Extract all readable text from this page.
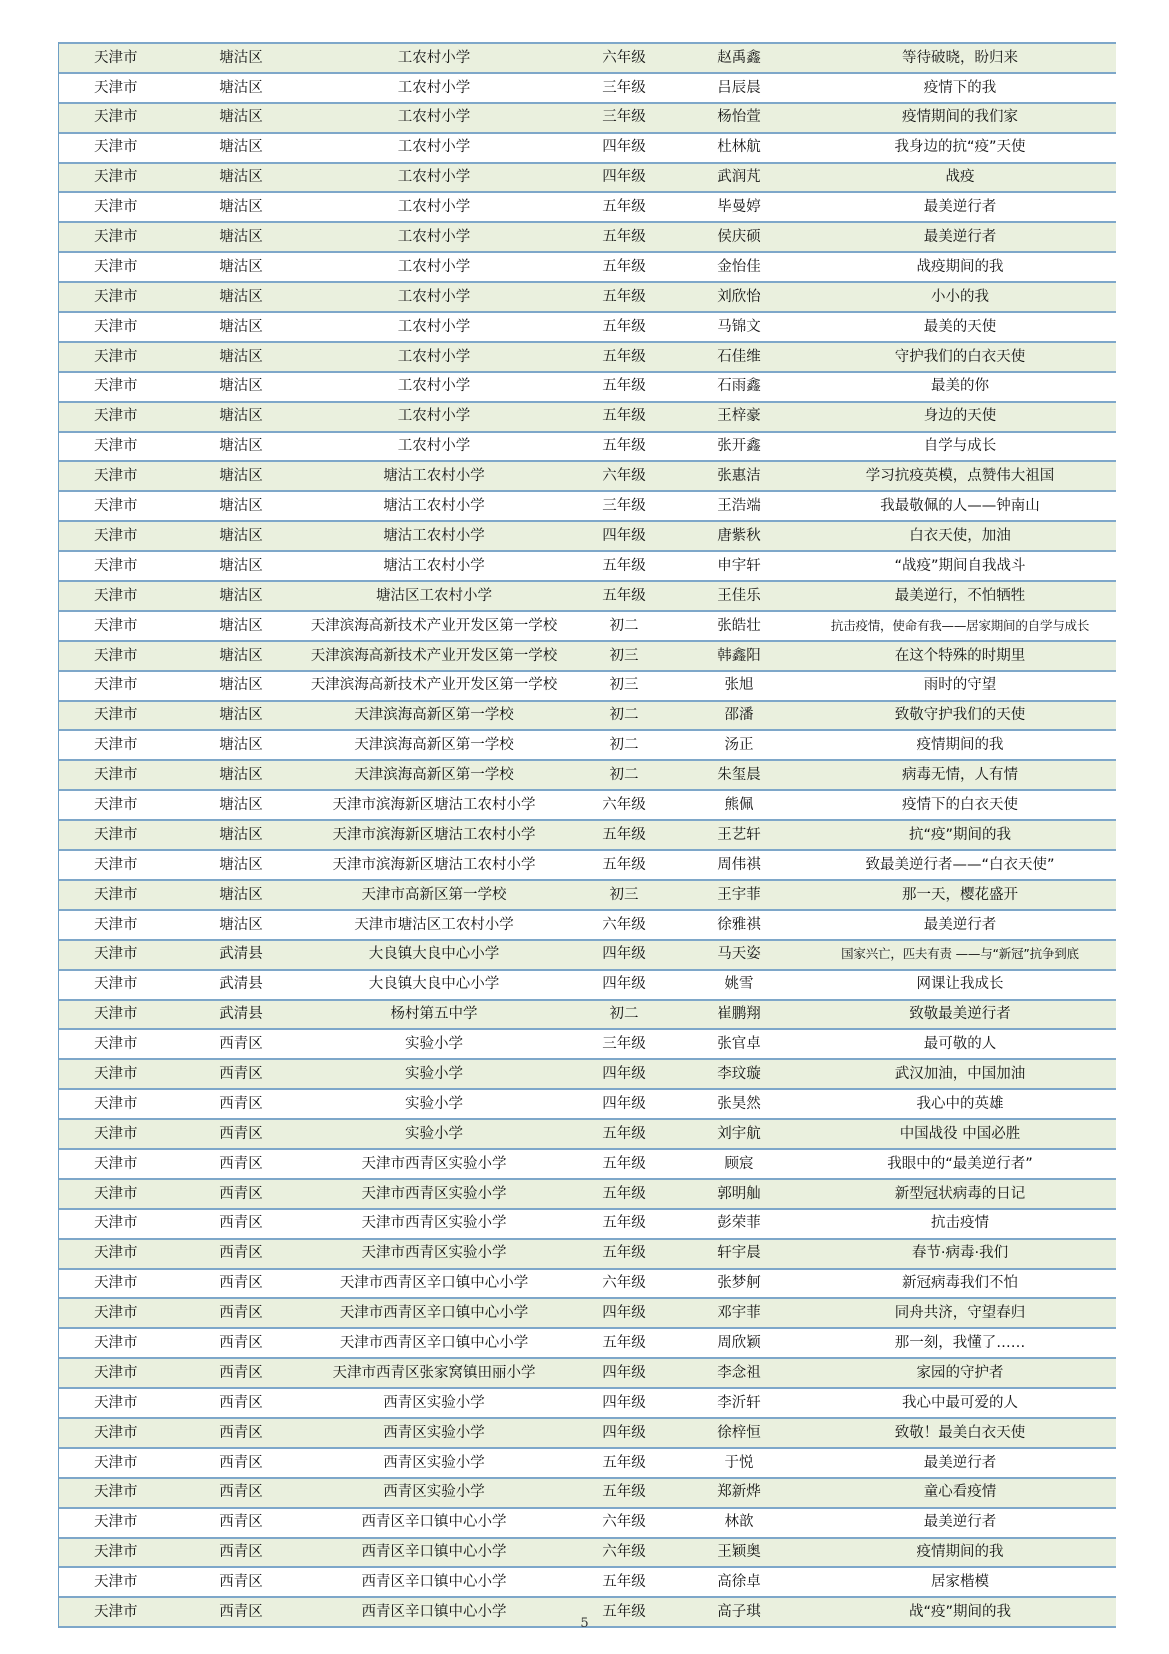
天津市	塘沽区	工农村小学	六年级	赵禹鑫	等待破晓，盼归来
天津市	塘沽区	工农村小学	三年级	吕辰晨	疫情下的我
天津市	塘沽区	工农村小学	三年级	杨怡萱	疫情期间的我们家
天津市	塘沽区	工农村小学	四年级	杜林航	我身边的抗“疫”天使
天津市	塘沽区	工农村小学	四年级	武润芃	战疫
天津市	塘沽区	工农村小学	五年级	毕曼婷	最美逆行者
天津市	塘沽区	工农村小学	五年级	侯庆硕	最美逆行者
天津市	塘沽区	工农村小学	五年级	金怡佳	战疫期间的我
天津市	塘沽区	工农村小学	五年级	刘欣怡	小小的我
天津市	塘沽区	工农村小学	五年级	马锦文	最美的天使
天津市	塘沽区	工农村小学	五年级	石佳维	守护我们的白衣天使
天津市	塘沽区	工农村小学	五年级	石雨鑫	最美的你
天津市	塘沽区	工农村小学	五年级	王梓豪	身边的天使
天津市	塘沽区	工农村小学	五年级	张开鑫	自学与成长
天津市	塘沽区	塘沽工农村小学	六年级	张惠洁	学习抗疫英模，点赞伟大祖国
天津市	塘沽区	塘沽工农村小学	三年级	王浩端	我最敬佩的人——钟南山
天津市	塘沽区	塘沽工农村小学	四年级	唐紫秋	白衣天使，加油
天津市	塘沽区	塘沽工农村小学	五年级	申宇轩	“战疫”期间自我战斗
天津市	塘沽区	塘沽区工农村小学	五年级	王佳乐	最美逆行，不怕牺牲
天津市	塘沽区	天津滨海高新技术产业开发区第一学校	初二	张皓壮	抗击疫情，使命有我——居家期间的自学与成长
天津市	塘沽区	天津滨海高新技术产业开发区第一学校	初三	韩鑫阳	在这个特殊的时期里
天津市	塘沽区	天津滨海高新技术产业开发区第一学校	初三	张旭	雨时的守望
天津市	塘沽区	天津滨海高新区第一学校	初二	邵潘	致敬守护我们的天使
天津市	塘沽区	天津滨海高新区第一学校	初二	汤正	疫情期间的我
天津市	塘沽区	天津滨海高新区第一学校	初二	朱玺晨	病毒无情，人有情
天津市	塘沽区	天津市滨海新区塘沽工农村小学	六年级	熊佩	疫情下的白衣天使
天津市	塘沽区	天津市滨海新区塘沽工农村小学	五年级	王艺轩	抗“疫”期间的我
天津市	塘沽区	天津市滨海新区塘沽工农村小学	五年级	周伟祺	致最美逆行者——“白衣天使”
天津市	塘沽区	天津市高新区第一学校	初三	王宇菲	那一天，樱花盛开
天津市	塘沽区	天津市塘沽区工农村小学	六年级	徐雅祺	最美逆行者
天津市	武清县	大良镇大良中心小学	四年级	马天姿	国家兴亡，匹夫有责 ——与“新冠”抗争到底
天津市	武清县	大良镇大良中心小学	四年级	姚雪	网课让我成长
天津市	武清县	杨村第五中学	初二	崔鹏翔	致敬最美逆行者
天津市	西青区	实验小学	三年级	张官卓	最可敬的人
天津市	西青区	实验小学	四年级	李玟璇	武汉加油，中国加油
天津市	西青区	实验小学	四年级	张昊然	我心中的英雄
天津市	西青区	实验小学	五年级	刘宇航	中国战役 中国必胜
天津市	西青区	天津市西青区实验小学	五年级	顾宸	我眼中的“最美逆行者”
天津市	西青区	天津市西青区实验小学	五年级	郭明舢	新型冠状病毒的日记
天津市	西青区	天津市西青区实验小学	五年级	彭荣菲	抗击疫情
天津市	西青区	天津市西青区实验小学	五年级	轩宇晨	春节·病毒·我们
天津市	西青区	天津市西青区辛口镇中心小学	六年级	张梦舸	新冠病毒我们不怕
天津市	西青区	天津市西青区辛口镇中心小学	四年级	邓宇菲	同舟共济，守望春归
天津市	西青区	天津市西青区辛口镇中心小学	五年级	周欣颖	那一刻，我懂了……
天津市	西青区	天津市西青区张家窝镇田丽小学	四年级	李念祖	家园的守护者
天津市	西青区	西青区实验小学	四年级	李沂轩	我心中最可爱的人
天津市	西青区	西青区实验小学	四年级	徐梓恒	致敬！最美白衣天使
天津市	西青区	西青区实验小学	五年级	于悦	最美逆行者
天津市	西青区	西青区实验小学	五年级	郑新烨	童心看疫情
天津市	西青区	西青区辛口镇中心小学	六年级	林歆	最美逆行者
天津市	西青区	西青区辛口镇中心小学	六年级	王颖奥	疫情期间的我
天津市	西青区	西青区辛口镇中心小学	五年级	高徐卓	居家楷模
天津市	西青区	西青区辛口镇中心小学	五年级	高子琪	战“疫”期间的我
5
